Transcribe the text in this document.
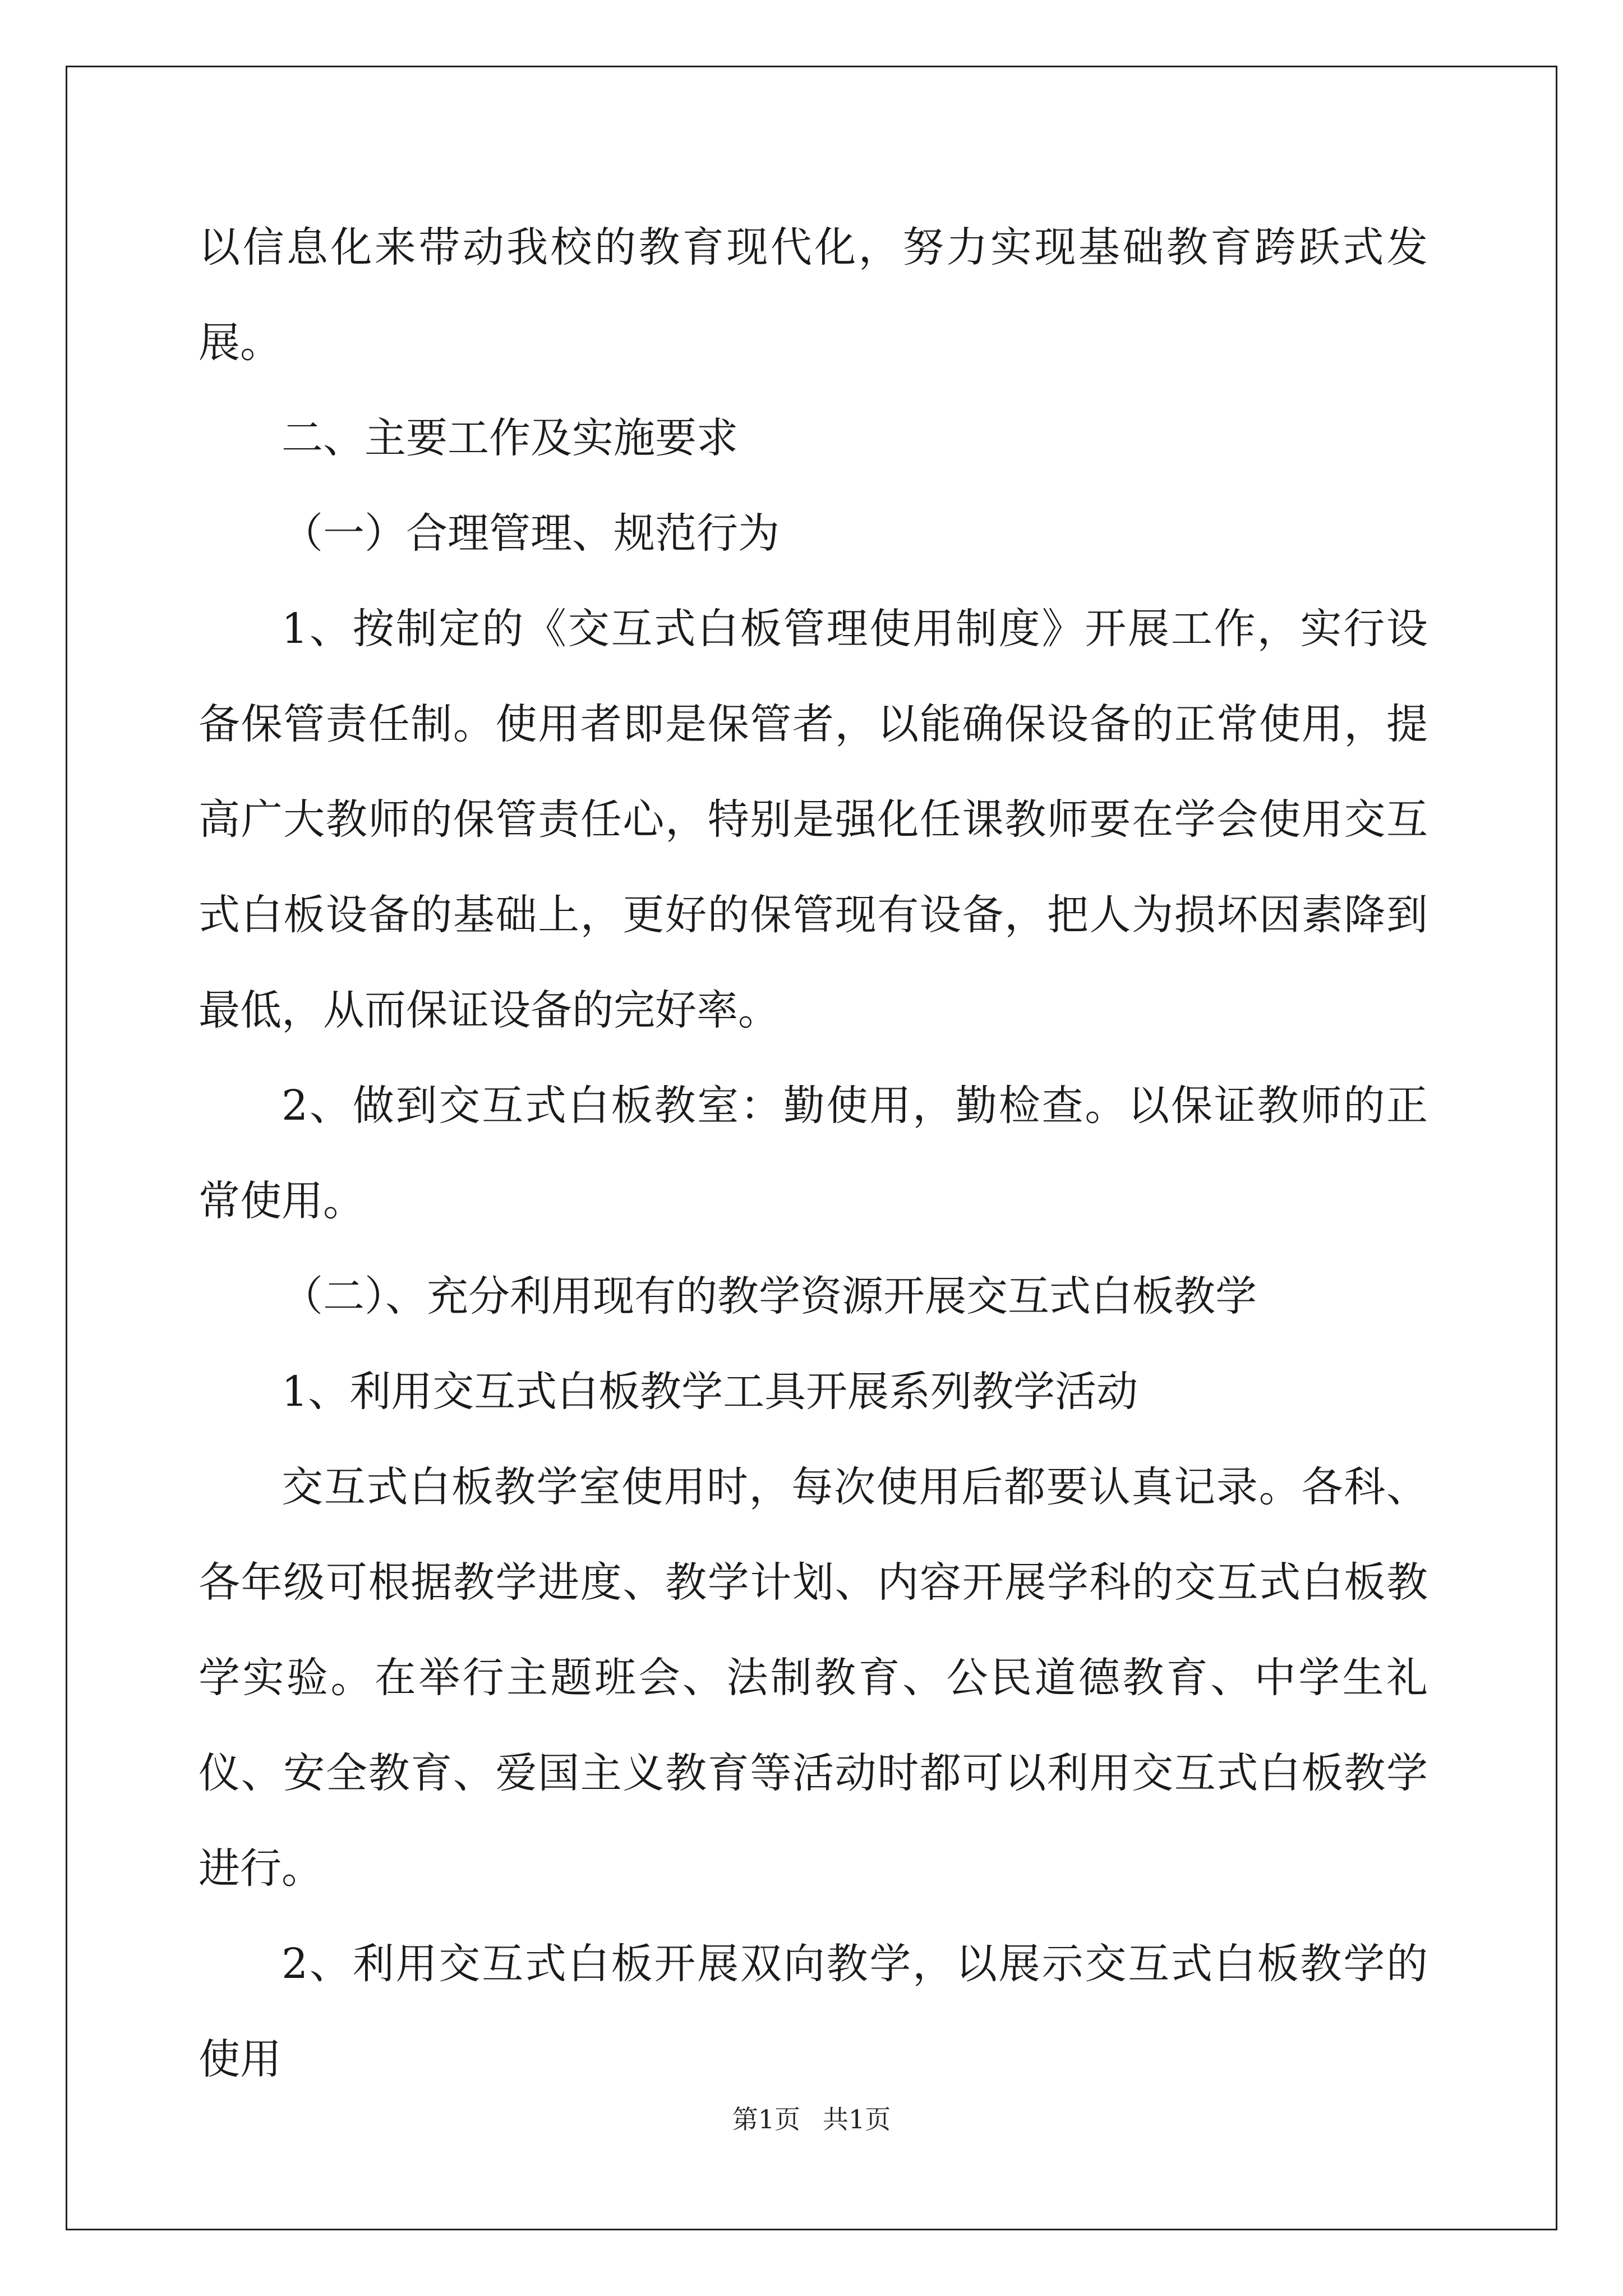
以信息化来带动我校的教育现代化，努力实现基础教育跨跃式发展。

二、主要工作及实施要求

（一）合理管理、规范行为

1、按制定的《交互式白板管理使用制度》开展工作，实行设备保管责任制。使用者即是保管者，以能确保设备的正常使用，提高广大教师的保管责任心，特别是强化任课教师要在学会使用交互式白板设备的基础上，更好的保管现有设备，把人为损坏因素降到最低，从而保证设备的完好率。

2、做到交互式白板教室：勤使用，勤检查。以保证教师的正常使用。

（二）、充分利用现有的教学资源开展交互式白板教学

1、利用交互式白板教学工具开展系列教学活动

交互式白板教学室使用时，每次使用后都要认真记录。各科、各年级可根据教学进度、教学计划、内容开展学科的交互式白板教学实验。在举行主题班会、法制教育、公民道德教育、中学生礼仪、安全教育、爱国主义教育等活动时都可以利用交互式白板教学进行。

2、利用交互式白板开展双向教学，以展示交互式白板教学的使用

第1页 共1页
